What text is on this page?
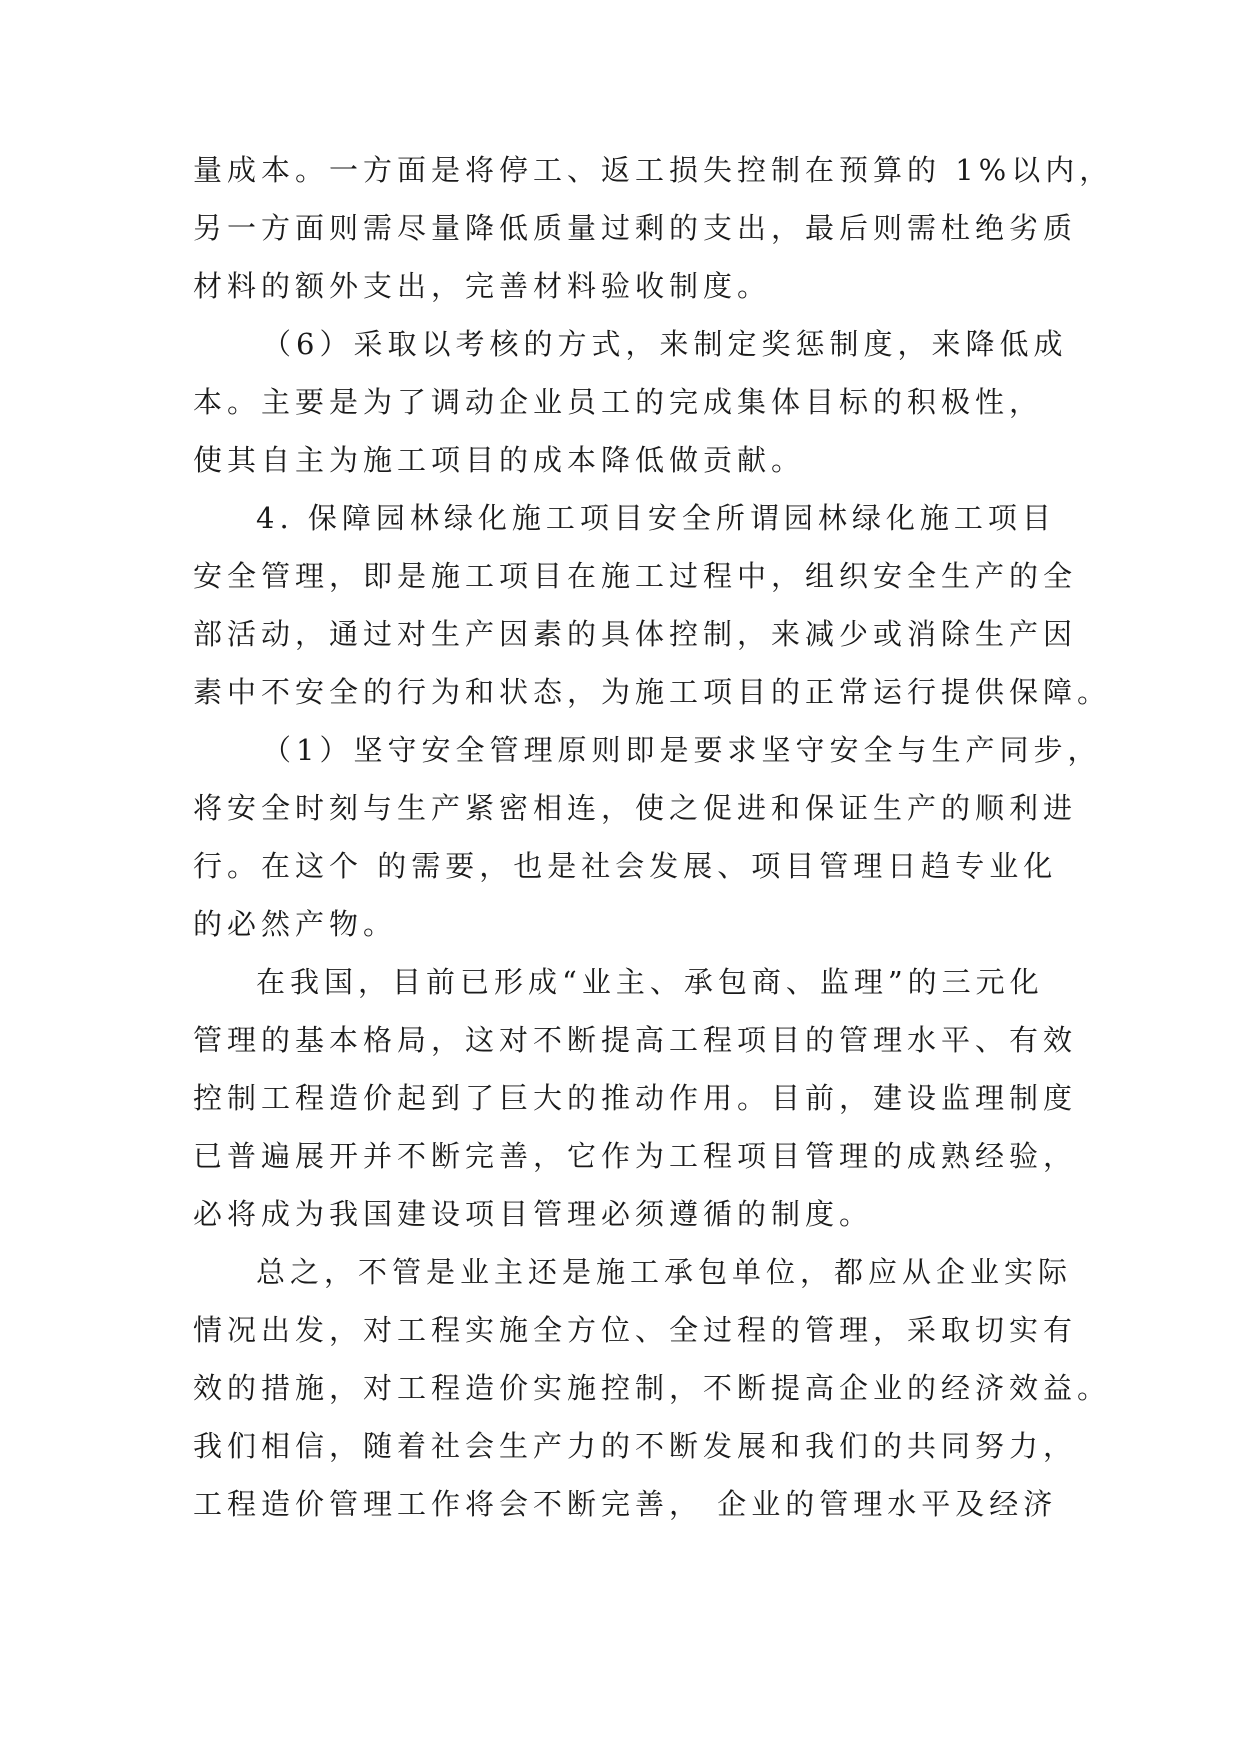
量成本。一方面是将停工、返工损失控制在预算的 1%以内，
另一方面则需尽量降低质量过剩的支出，最后则需杜绝劣质
材料的额外支出，完善材料验收制度。
（6）采取以考核的方式，来制定奖惩制度，来降低成
本。主要是为了调动企业员工的完成集体目标的积极性，
使其自主为施工项目的成本降低做贡献。
4. 保障园林绿化施工项目安全所谓园林绿化施工项目
安全管理，即是施工项目在施工过程中，组织安全生产的全
部活动，通过对生产因素的具体控制，来减少或消除生产因
素中不安全的行为和状态，为施工项目的正常运行提供保障。
（1）坚守安全管理原则即是要求坚守安全与生产同步，
将安全时刻与生产紧密相连，使之促进和保证生产的顺利进
行。在这个 的需要，也是社会发展、项目管理日趋专业化
的必然产物。
在我国，目前已形成“业主、承包商、监理”的三元化
管理的基本格局，这对不断提高工程项目的管理水平、有效
控制工程造价起到了巨大的推动作用。目前，建设监理制度
已普遍展开并不断完善，它作为工程项目管理的成熟经验，
必将成为我国建设项目管理必须遵循的制度。
总之，不管是业主还是施工承包单位，都应从企业实际
情况出发，对工程实施全方位、全过程的管理，采取切实有
效的措施，对工程造价实施控制，不断提高企业的经济效益。
我们相信，随着社会生产力的不断发展和我们的共同努力，
工程造价管理工作将会不断完善， 企业的管理水平及经济
